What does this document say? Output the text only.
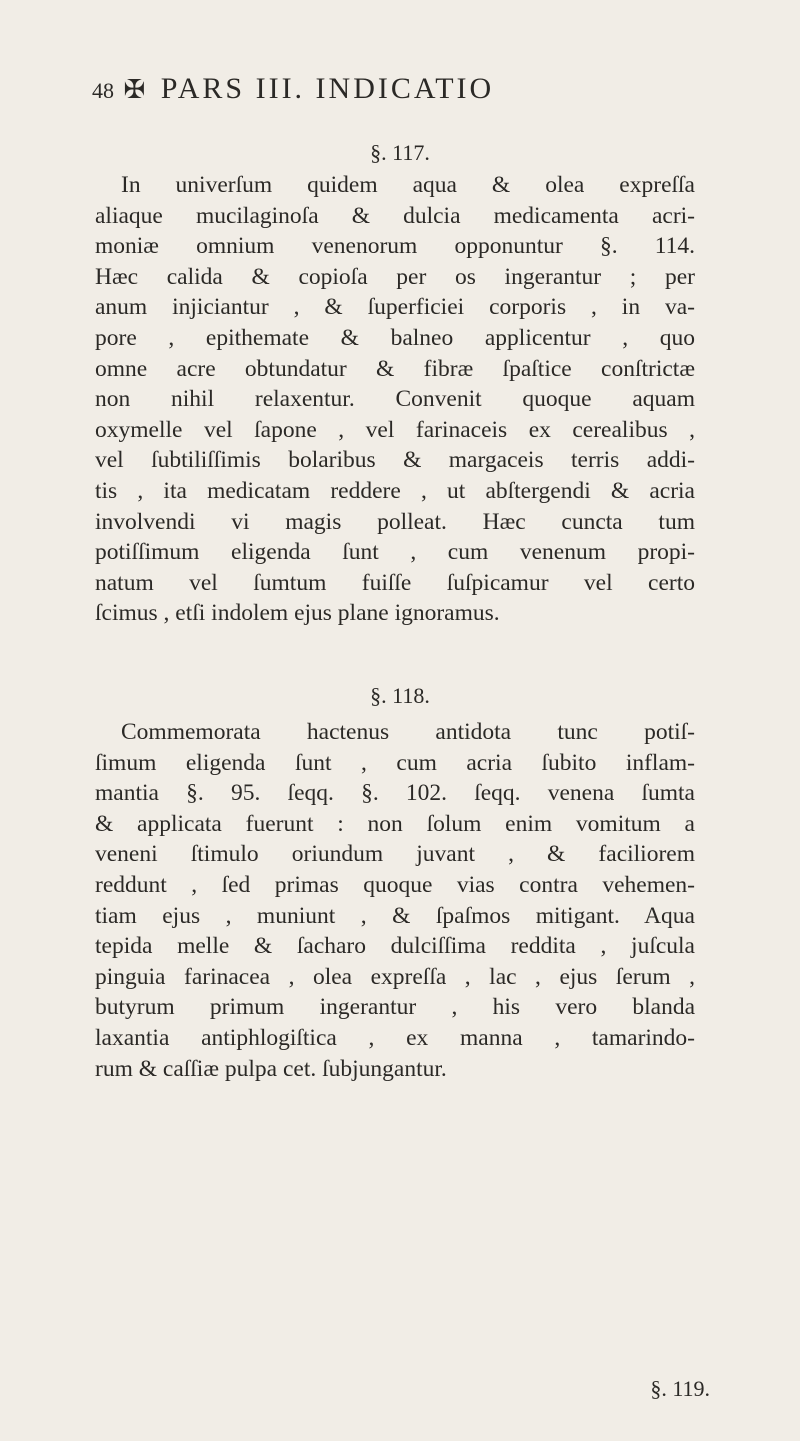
48 ✠ PARS III. INDICATIO
§. 117.
In univerſum quidem aqua & olea expreſſa
aliaque mucilaginoſa & dulcia medicamenta acri-
moniæ omnium venenorum opponuntur §. 114.
Hæc calida & copioſa per os ingerantur ; per
anum injiciantur , & ſuperficiei corporis , in va-
pore , epithemate & balneo applicentur , quo
omne acre obtundatur & fibræ ſpaſtice conſtrictæ
non nihil relaxentur. Convenit quoque aquam
oxymelle vel ſapone , vel farinaceis ex cerealibus ,
vel ſubtiliſſimis bolaribus & margaceis terris addi-
tis , ita medicatam reddere , ut abſtergendi & acria
involvendi vi magis polleat. Hæc cuncta tum
potiſſimum eligenda ſunt , cum venenum propi-
natum vel ſumtum fuiſſe ſuſpicamur vel certo
ſcimus , etſi indolem ejus plane ignoramus.
§. 118.
Commemorata hactenus antidota tunc potiſ-
ſimum eligenda ſunt , cum acria ſubito inflam-
mantia §. 95. ſeqq. §. 102. ſeqq. venena ſumta
& applicata fuerunt : non ſolum enim vomitum a
veneni ſtimulo oriundum juvant , & faciliorem
reddunt , ſed primas quoque vias contra vehemen-
tiam ejus , muniunt , & ſpaſmos mitigant. Aqua
tepida melle & ſacharo dulciſſima reddita , juſcula
pinguia farinacea , olea expreſſa , lac , ejus ſerum ,
butyrum primum ingerantur , his vero blanda
laxantia antiphlogiſtica , ex manna , tamarindo-
rum & caſſiæ pulpa cet. ſubjungantur.
§. 119.
